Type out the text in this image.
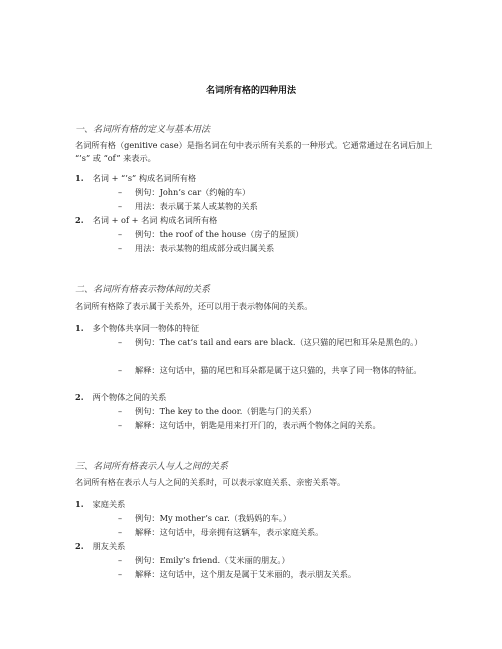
名词所有格的四种用法
一、名词所有格的定义与基本用法
名词所有格（genitive case）是指名词在句中表示所有关系的一种形式。它通常通过在名词后加上 “’s” 或 “of” 来表示。
1. 名词 + “’s” 构成名词所有格
– 例句：John’s car（约翰的车）
– 用法：表示属于某人或某物的关系
2. 名词 + of + 名词 构成名词所有格
– 例句：the roof of the house（房子的屋顶）
– 用法：表示某物的组成部分或归属关系
二、名词所有格表示物体间的关系
名词所有格除了表示属于关系外，还可以用于表示物体间的关系。
1. 多个物体共享同一物体的特征
– 例句：The cat’s tail and ears are black.（这只猫的尾巴和耳朵是黑色的。）
– 解释：这句话中，猫的尾巴和耳朵都是属于这只猫的，共享了同一物体的特征。
2. 两个物体之间的关系
– 例句：The key to the door.（钥匙与门的关系）
– 解释：这句话中，钥匙是用来打开门的，表示两个物体之间的关系。
三、名词所有格表示人与人之间的关系
名词所有格在表示人与人之间的关系时，可以表示家庭关系、亲密关系等。
1. 家庭关系
– 例句：My mother’s car.（我妈妈的车。）
– 解释：这句话中，母亲拥有这辆车，表示家庭关系。
2. 朋友关系
– 例句：Emily’s friend.（艾米丽的朋友。）
– 解释：这句话中，这个朋友是属于艾米丽的，表示朋友关系。
